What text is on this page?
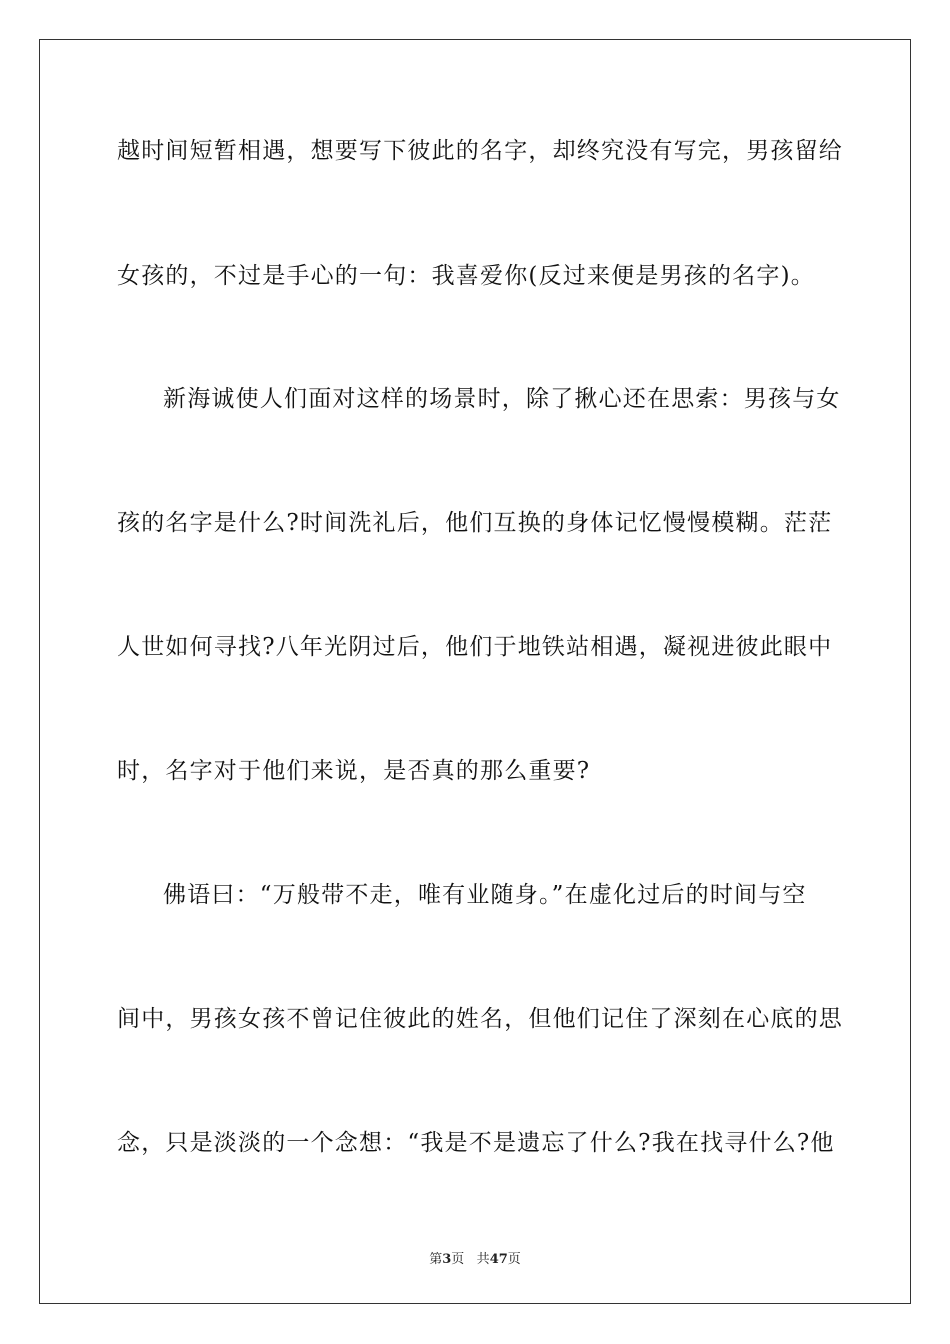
越时间短暂相遇，想要写下彼此的名字，却终究没有写完，男孩留给
女孩的，不过是手心的一句：我喜爱你(反过来便是男孩的名字)。
新海诚使人们面对这样的场景时，除了揪心还在思索：男孩与女
孩的名字是什么?时间洗礼后，他们互换的身体记忆慢慢模糊。茫茫
人世如何寻找?八年光阴过后，他们于地铁站相遇，凝视进彼此眼中
时，名字对于他们来说，是否真的那么重要?
佛语曰：“万般带不走，唯有业随身。”在虚化过后的时间与空
间中，男孩女孩不曾记住彼此的姓名，但他们记住了深刻在心底的思
念，只是淡淡的一个念想：“我是不是遗忘了什么?我在找寻什么?他
第3页 共47页
